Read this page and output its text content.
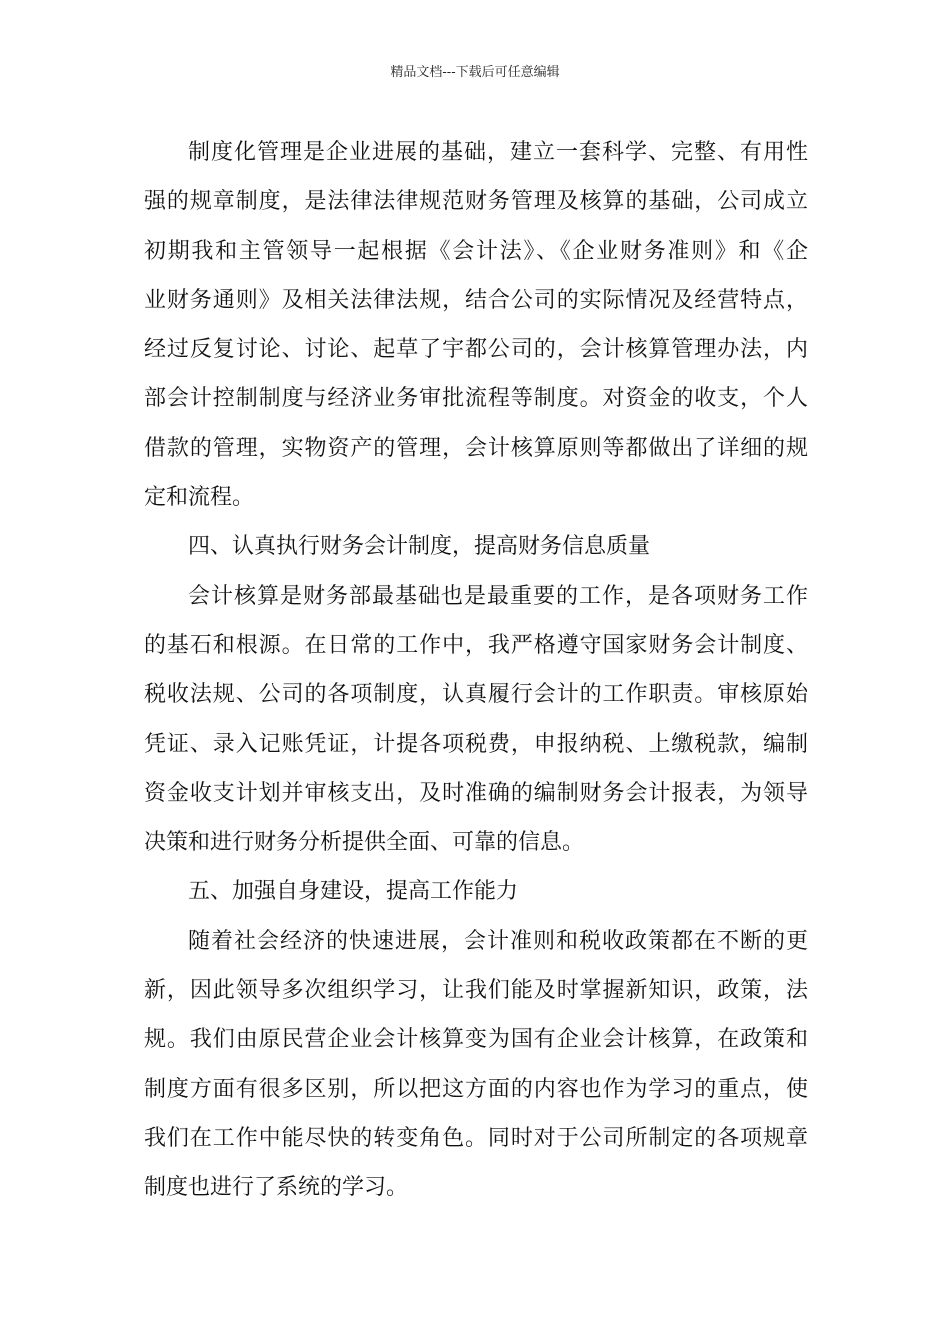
精品文档---下载后可任意编辑
制度化管理是企业进展的基础，建立一套科学、完整、有用性
强的规章制度，是法律法律规范财务管理及核算的基础，公司成立
初期我和主管领导一起根据《会计法》、《企业财务准则》和《企
业财务通则》及相关法律法规，结合公司的实际情况及经营特点，
经过反复讨论、讨论、起草了宇都公司的，会计核算管理办法，内
部会计控制制度与经济业务审批流程等制度。对资金的收支，个人
借款的管理，实物资产的管理，会计核算原则等都做出了详细的规
定和流程。
四、认真执行财务会计制度，提高财务信息质量
会计核算是财务部最基础也是最重要的工作，是各项财务工作
的基石和根源。在日常的工作中，我严格遵守国家财务会计制度、
税收法规、公司的各项制度，认真履行会计的工作职责。审核原始
凭证、录入记账凭证，计提各项税费，申报纳税、上缴税款，编制
资金收支计划并审核支出，及时准确的编制财务会计报表，为领导
决策和进行财务分析提供全面、可靠的信息。
五、加强自身建设，提高工作能力
随着社会经济的快速进展，会计准则和税收政策都在不断的更
新，因此领导多次组织学习，让我们能及时掌握新知识，政策，法
规。我们由原民营企业会计核算变为国有企业会计核算，在政策和
制度方面有很多区别，所以把这方面的内容也作为学习的重点，使
我们在工作中能尽快的转变角色。同时对于公司所制定的各项规章
制度也进行了系统的学习。
